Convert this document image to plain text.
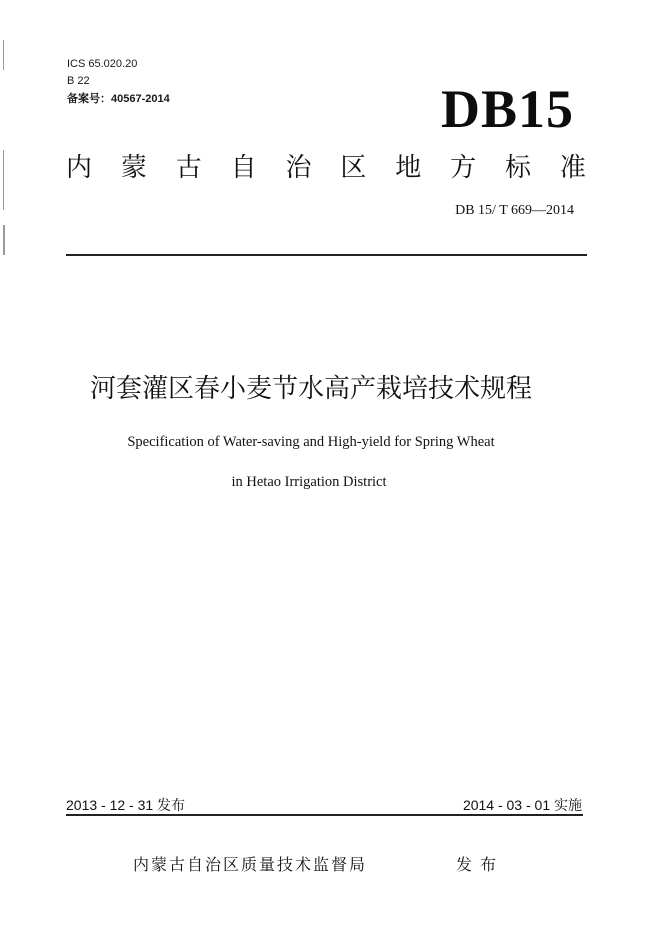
ICS 65.020.20
B 22
备案号：40567-2014	DB15
内 蒙 古 自 治 区 地 方 标 准
DB 15/ T 669—2014
河套灌区春小麦节水高产栽培技术规程
Specification of Water-saving and High-yield for Spring Wheat
in Hetao Irrigation District
2013 - 12 - 31 发布	2014 - 03 - 01 实施
内蒙古自治区质量技术监督局	发布
